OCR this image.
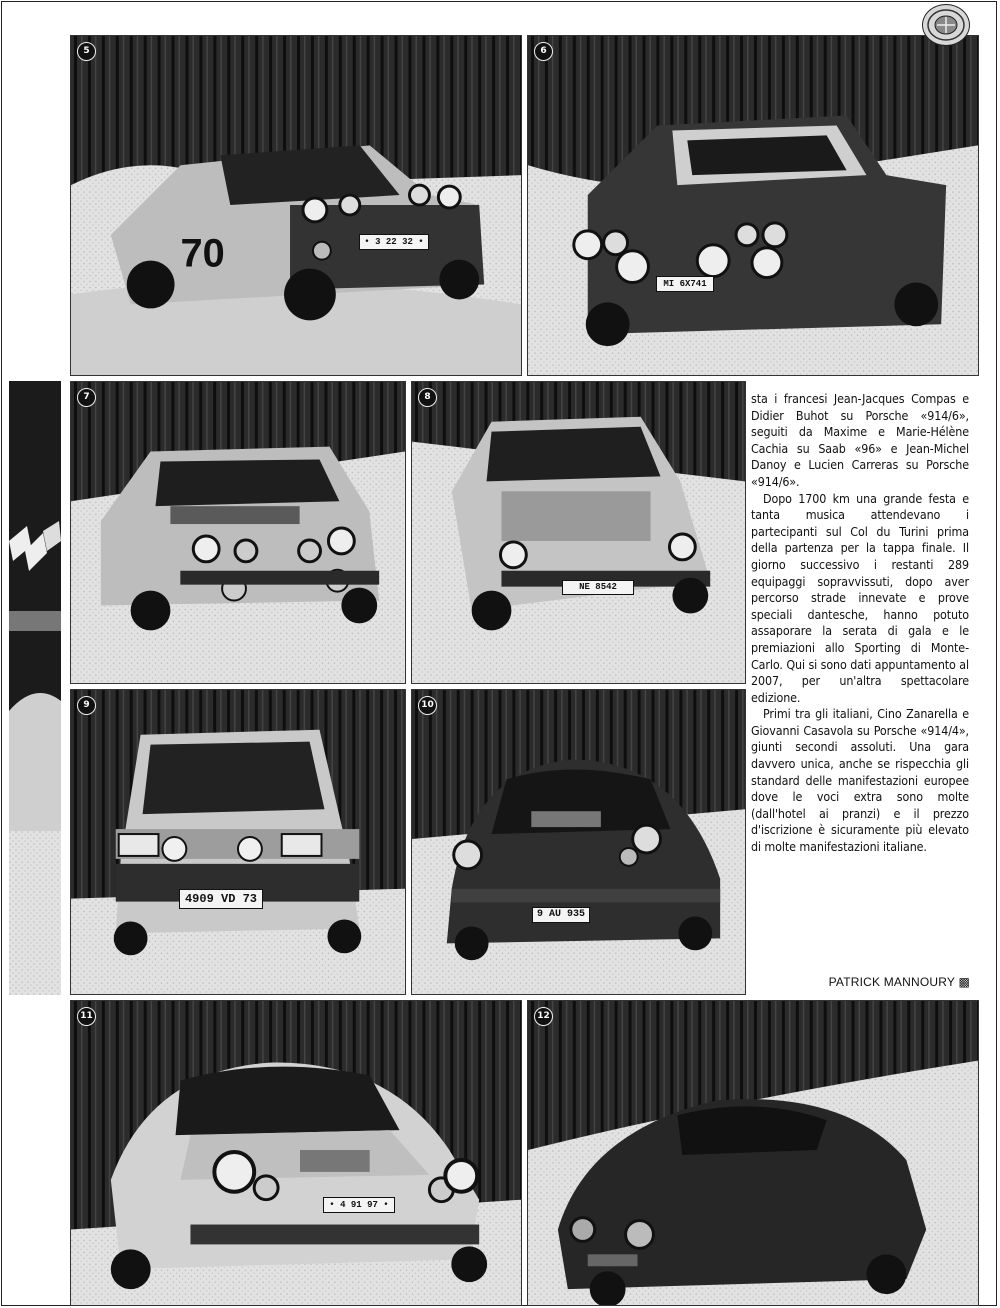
70
5
• 3 22 32 •
6
MI 6X741
7	8
NE 8542
9
4909 VD 73
10
9 AU 935

sta i francesi Jean-Jacques Compas e Didier Buhot su Porsche «914/6», seguiti da Maxime e Marie-Hélène Cachia su Saab «96» e Jean-Michel Danoy e Lucien Carreras su Porsche «914/6».

Dopo 1700 km una grande festa e tanta musica attendevano i partecipanti sul Col du Turini prima della partenza per la tappa finale. Il giorno successivo i restanti 289 equipaggi sopravvissuti, dopo aver percorso strade innevate e prove speciali dantesche, hanno potuto assaporare la serata di gala e le premiazioni allo Sporting di Monte-Carlo. Qui si sono dati appuntamento al 2007, per un'altra spettacolare edizione.

Primi tra gli italiani, Cino Zanarella e Giovanni Casavola su Porsche «914/4», giunti secondi assoluti. Una gara davvero unica, anche se rispecchia gli standard delle manifestazioni europee dove le voci extra sono molte (dall'hotel ai pranzi) e il prezzo d'iscrizione è sicuramente più elevato di molte manifestazioni italiane.

PATRICK MANNOURY ▩
11
• 4 91 97 •
12
